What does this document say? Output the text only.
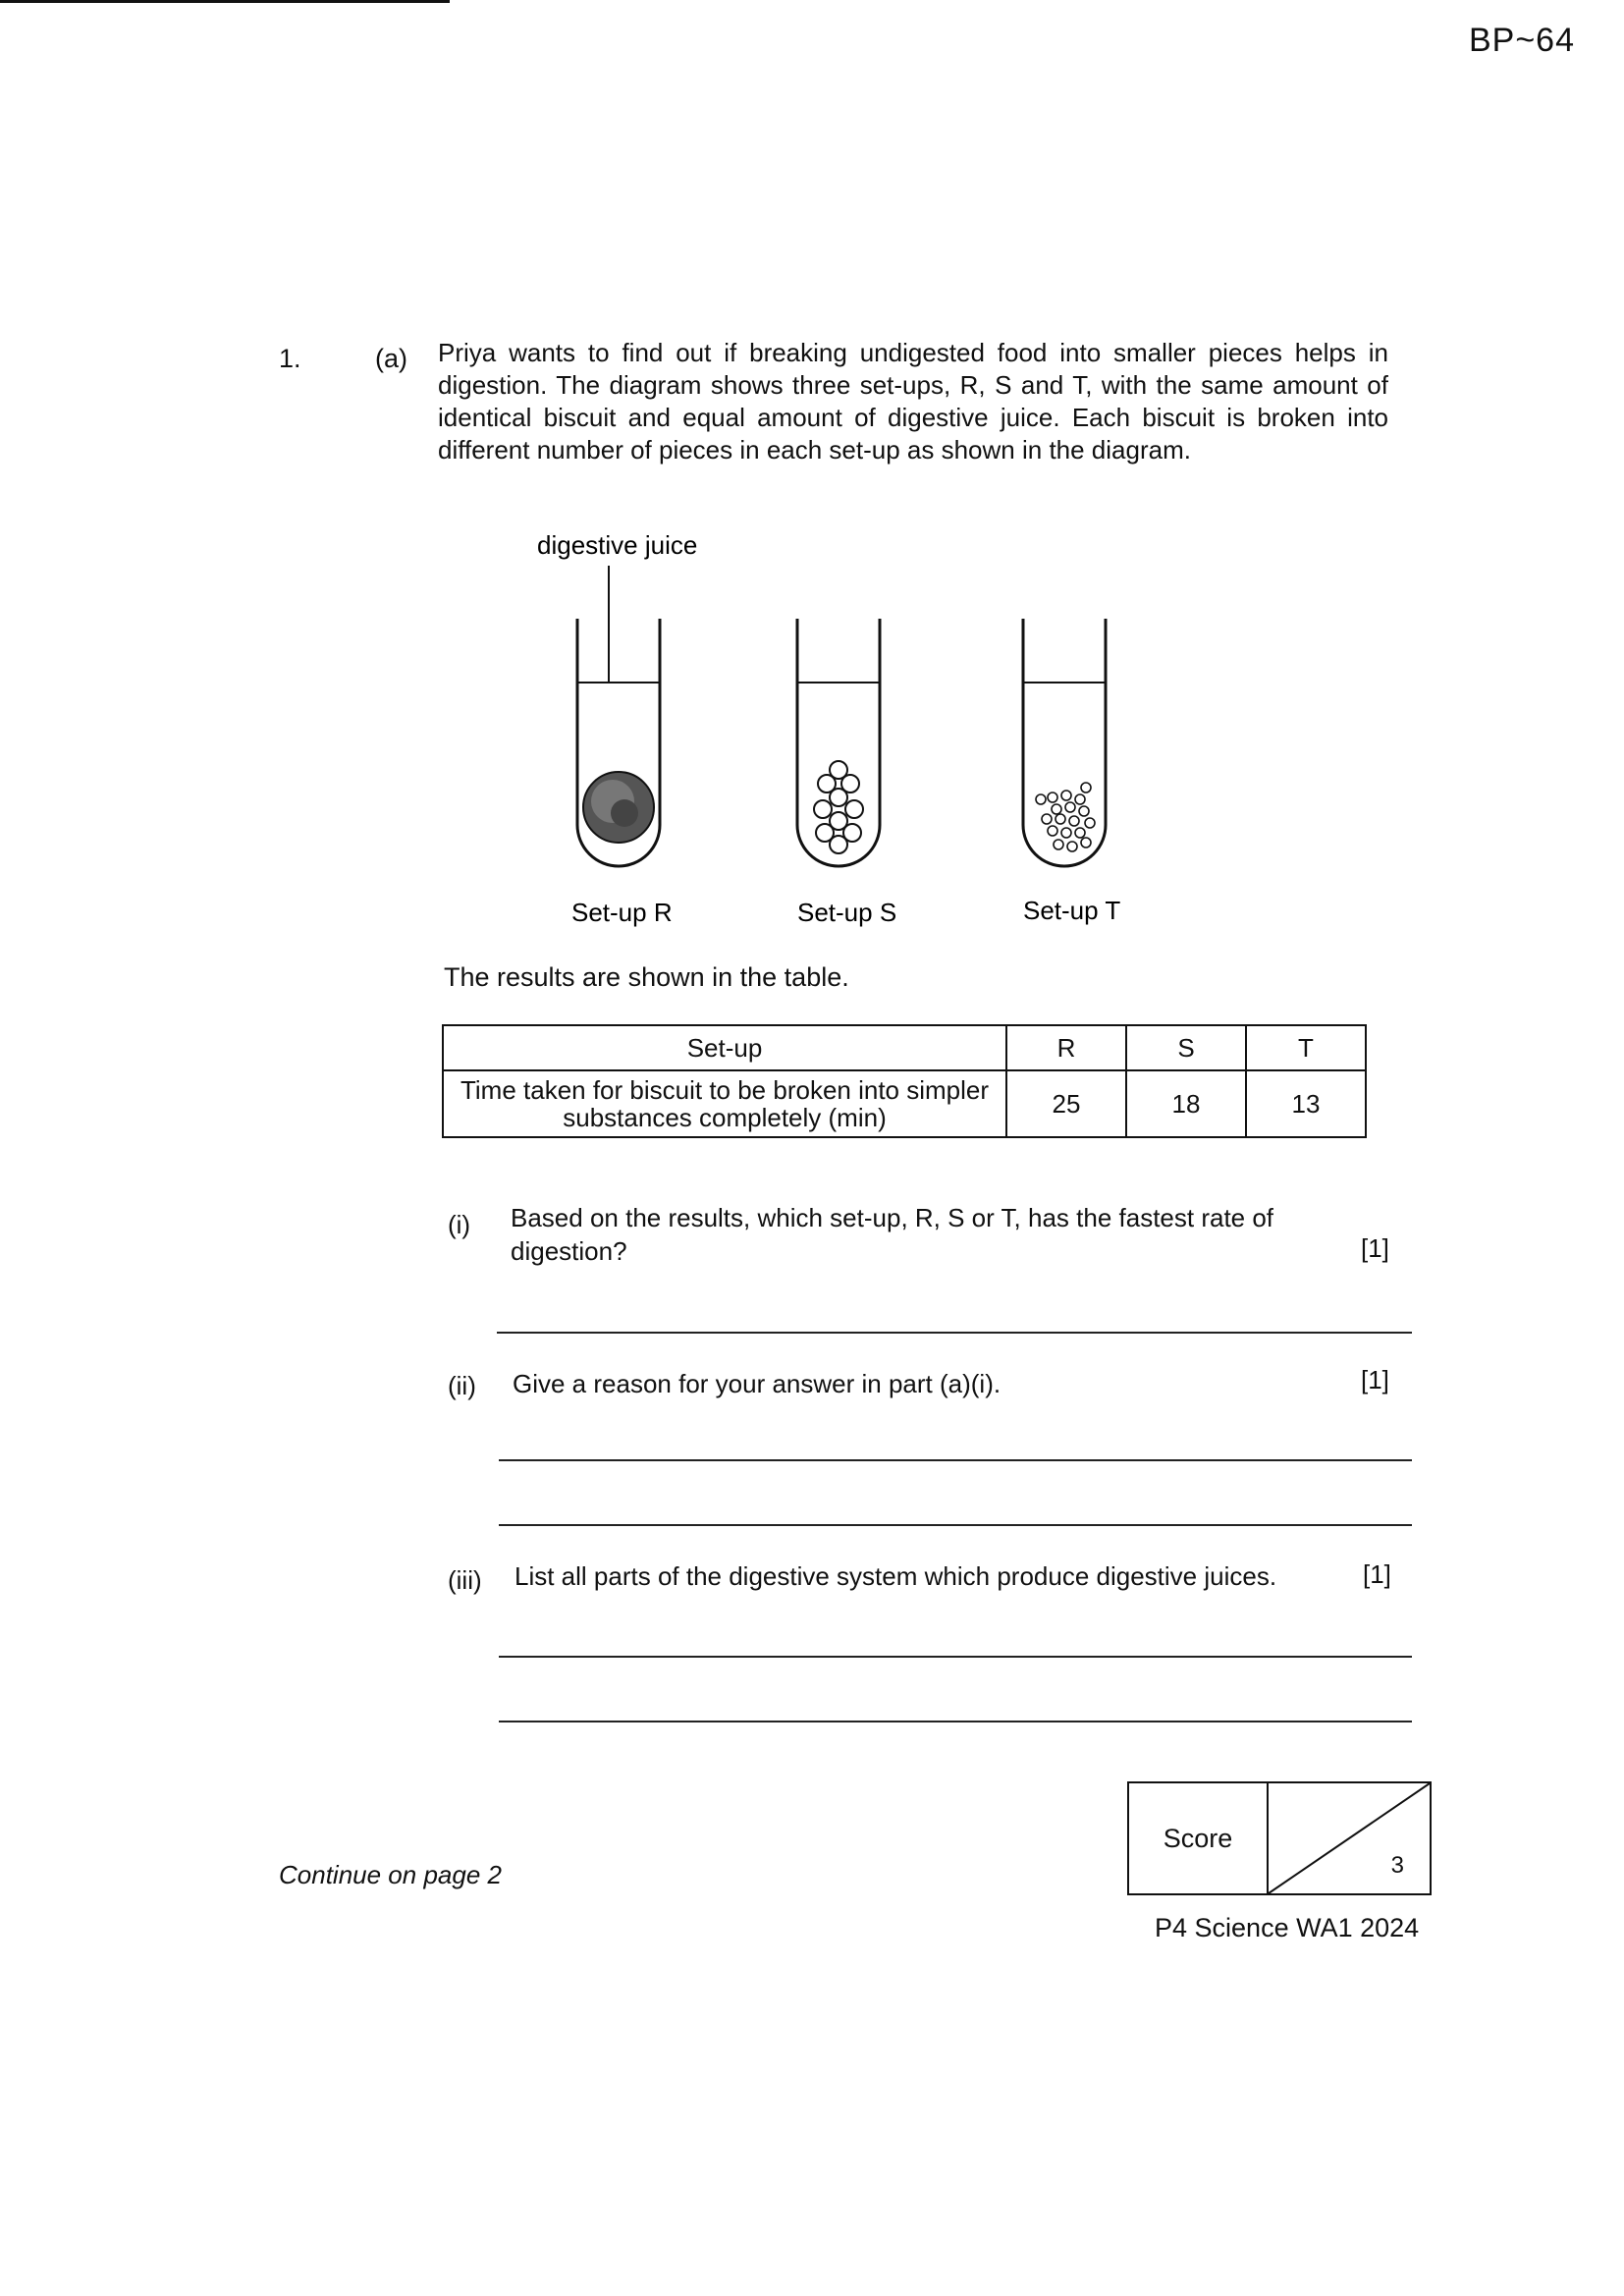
BP~64
1.	(a) Priya wants to find out if breaking undigested food into smaller pieces helps in digestion. The diagram shows three set-ups, R, S and T, with the same amount of identical biscuit and equal amount of digestive juice. Each biscuit is broken into different number of pieces in each set-up as shown in the diagram.
digestive juice
Set-up R	Set-up S	Set-up T
The results are shown in the table.
Set-up	R	S	T
Time taken for biscuit to be broken into simpler substances completely (min)	25	18	13
(i) Based on the results, which set-up, R, S or T, has the fastest rate of digestion?	[1]
(ii) Give a reason for your answer in part (a)(i).	[1]
(iii) List all parts of the digestive system which produce digestive juices.	[1]
Score
3
Continue on page 2
P4 Science WA1 2024
